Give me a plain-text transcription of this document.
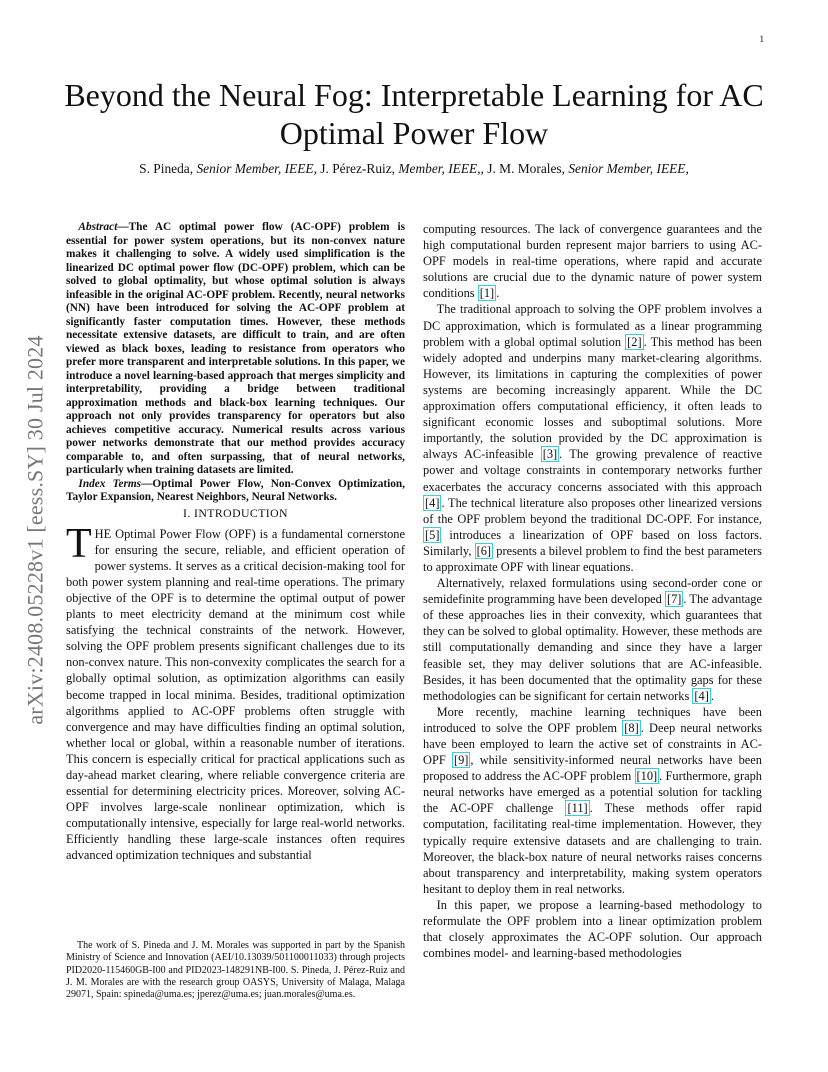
1
arXiv:2408.05228v1 [eess.SY] 30 Jul 2024
Beyond the Neural Fog: Interpretable Learning for AC Optimal Power Flow

S. Pineda, Senior Member, IEEE, J. Pérez-Ruiz, Member, IEEE,, J. M. Morales, Senior Member, IEEE,

Abstract—The AC optimal power flow (AC-OPF) problem is essential for power system operations, but its non-convex nature makes it challenging to solve. A widely used simplification is the linearized DC optimal power flow (DC-OPF) problem, which can be solved to global optimality, but whose optimal solution is always infeasible in the original AC-OPF problem. Recently, neural networks (NN) have been introduced for solving the AC-OPF problem at significantly faster computation times. However, these methods necessitate extensive datasets, are difficult to train, and are often viewed as black boxes, leading to resistance from operators who prefer more transparent and interpretable solutions. In this paper, we introduce a novel learning-based approach that merges simplicity and interpretability, providing a bridge between traditional approximation methods and black-box learning techniques. Our approach not only provides transparency for operators but also achieves competitive accuracy. Numerical results across various power networks demonstrate that our method provides accuracy comparable to, and often surpassing, that of neural networks, particularly when training datasets are limited.

Index Terms—Optimal Power Flow, Non-Convex Optimization, Taylor Expansion, Nearest Neighbors, Neural Networks.

I. INTRODUCTION

THE Optimal Power Flow (OPF) is a fundamental cornerstone for ensuring the secure, reliable, and efficient operation of power systems. It serves as a critical decision-making tool for both power system planning and real-time operations. The primary objective of the OPF is to determine the optimal output of power plants to meet electricity demand at the minimum cost while satisfying the technical constraints of the network. However, solving the OPF problem presents significant challenges due to its non-convex nature. This non-convexity complicates the search for a globally optimal solution, as optimization algorithms can easily become trapped in local minima. Besides, traditional optimization algorithms applied to AC-OPF problems often struggle with convergence and may have difficulties finding an optimal solution, whether local or global, within a reasonable number of iterations. This concern is especially critical for practical applications such as day-ahead market clearing, where reliable convergence criteria are essential for determining electricity prices. Moreover, solving AC-OPF involves large-scale nonlinear optimization, which is computationally intensive, especially for large real-world networks. Efficiently handling these large-scale instances often requires advanced optimization techniques and substantial

The work of S. Pineda and J. M. Morales was supported in part by the Spanish Ministry of Science and Innovation (AEI/10.13039/501100011033) through projects PID2020-115460GB-I00 and PID2023-148291NB-I00. S. Pineda, J. Pérez-Ruiz and J. M. Morales are with the research group OASYS, University of Malaga, Malaga 29071, Spain: spineda@uma.es; jperez@uma.es; juan.morales@uma.es.

computing resources. The lack of convergence guarantees and the high computational burden represent major barriers to using AC-OPF models in real-time operations, where rapid and accurate solutions are crucial due to the dynamic nature of power system conditions [1] .

The traditional approach to solving the OPF problem involves a DC approximation, which is formulated as a linear programming problem with a global optimal solution [2] . This method has been widely adopted and underpins many market-clearing algorithms. However, its limitations in capturing the complexities of power systems are becoming increasingly apparent. While the DC approximation offers computational efficiency, it often leads to significant economic losses and suboptimal solutions. More importantly, the solution provided by the DC approximation is always AC-infeasible [3] . The growing prevalence of reactive power and voltage constraints in contemporary networks further exacerbates the accuracy concerns associated with this approach [4] . The technical literature also proposes other linearized versions of the OPF problem beyond the traditional DC-OPF. For instance, [5] introduces a linearization of OPF based on loss factors. Similarly, [6] presents a bilevel problem to find the best parameters to approximate OPF with linear equations.

Alternatively, relaxed formulations using second-order cone or semidefinite programming have been developed [7] . The advantage of these approaches lies in their convexity, which guarantees that they can be solved to global optimality. However, these methods are still computationally demanding and since they have a larger feasible set, they may deliver solutions that are AC-infeasible. Besides, it has been documented that the optimality gaps for these methodologies can be significant for certain networks [4] .

More recently, machine learning techniques have been introduced to solve the OPF problem [8] . Deep neural networks have been employed to learn the active set of constraints in AC-OPF [9] , while sensitivity-informed neural networks have been proposed to address the AC-OPF problem [10] . Furthermore, graph neural networks have emerged as a potential solution for tackling the AC-OPF challenge [11] . These methods offer rapid computation, facilitating real-time implementation. However, they typically require extensive datasets and are challenging to train. Moreover, the black-box nature of neural networks raises concerns about transparency and interpretability, making system operators hesitant to deploy them in real networks.

In this paper, we propose a learning-based methodology to reformulate the OPF problem into a linear optimization problem that closely approximates the AC-OPF solution. Our approach combines model- and learning-based methodologies
